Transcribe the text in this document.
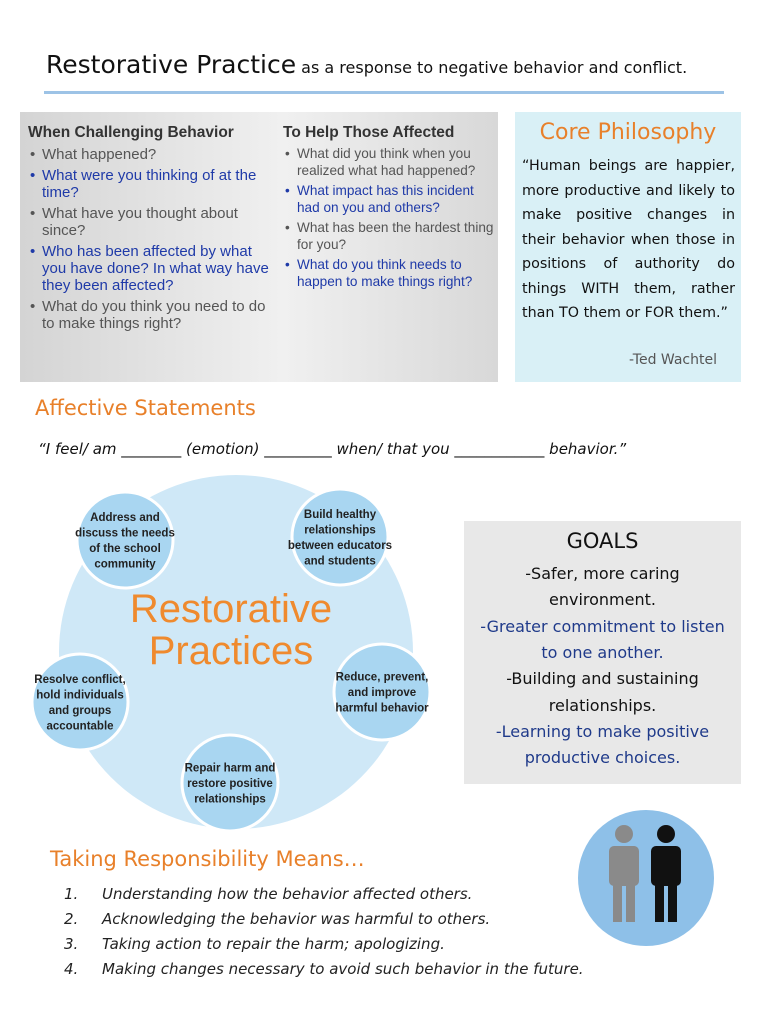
Restorative Practice as a response to negative behavior and conflict.
When Challenging Behavior
• What happened?
• What were you thinking of at the time?
• What have you thought about since?
• Who has been affected by what you have done? In what way have they been affected?
• What do you think you need to do to make things right?
To Help Those Affected
• What did you think when you realized what had happened?
• What impact has this incident had on you and others?
• What has been the hardest thing for you?
• What do you think needs to happen to make things right?
Core Philosophy
“Human beings are happier, more productive and likely to make positive changes in their behavior when those in positions of authority do things WITH them, rather than TO them or FOR them.”
-Ted Wachtel
Affective Statements
“I feel/ am ________ (emotion) _________ when/ that you ____________ behavior.”
Address and
discuss the needs
of the school
community
Build healthy
relationships
between educators
and students
Reduce, prevent,
and improve
harmful behavior
Repair harm and
restore positive
relationships
Resolve conflict,
hold individuals
and groups
accountable
Restorative
Practices
GOALS
-Safer, more caring
environment.
-Greater commitment to listen
to one another.
-Building and sustaining
relationships.
-Learning to make positive
productive choices.
Taking Responsibility Means…
1. Understanding how the behavior affected others.
2. Acknowledging the behavior was harmful to others.
3. Taking action to repair the harm; apologizing.
4. Making changes necessary to avoid such behavior in the future.
